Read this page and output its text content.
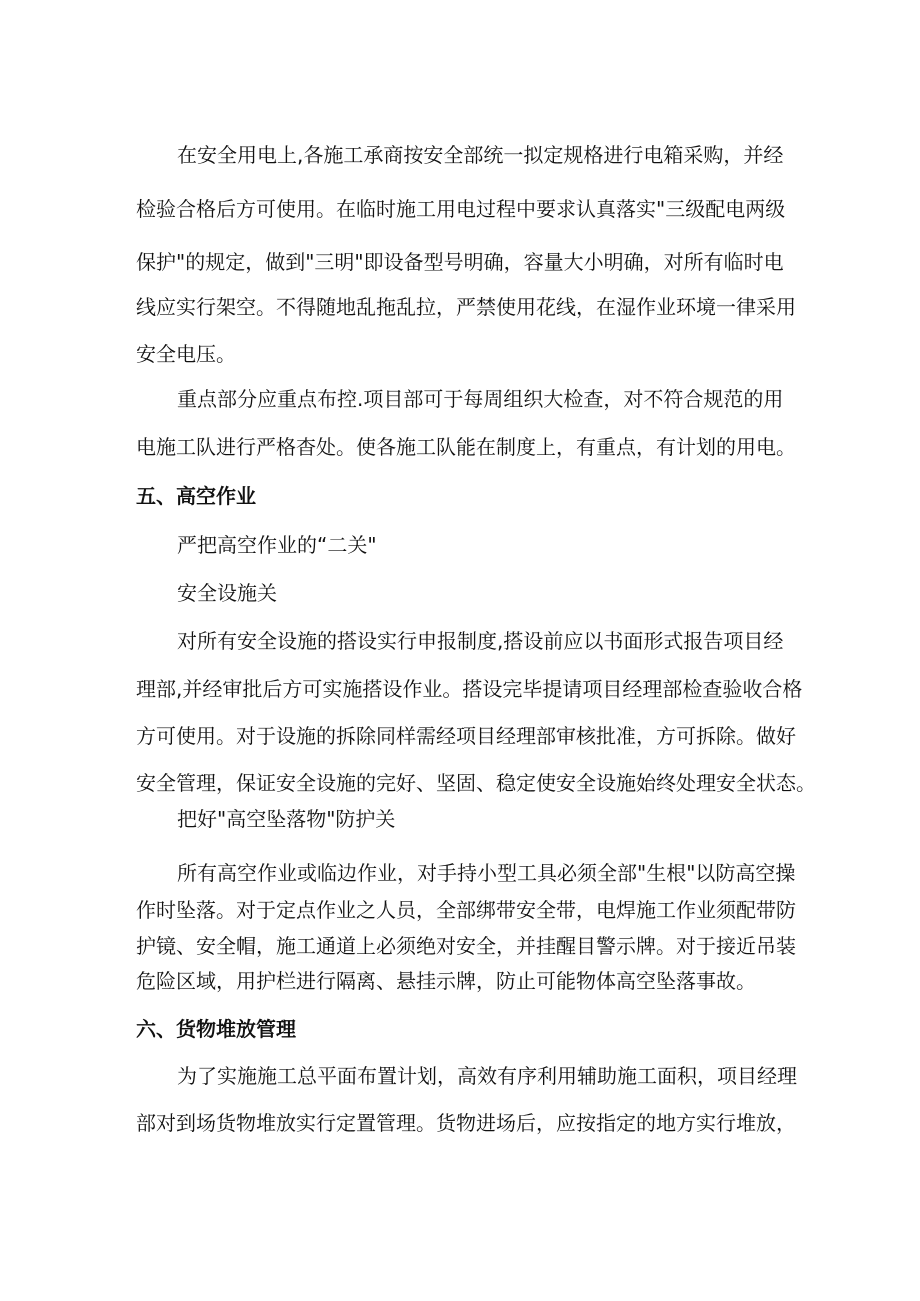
在安全用电上,各施工承商按安全部统一拟定规格进行电箱采购，并经
检验合格后方可使用。在临时施工用电过程中要求认真落实"三级配电两级
保护"的规定，做到"三明"即设备型号明确，容量大小明确，对所有临时电
线应实行架空。不得随地乱拖乱拉，严禁使用花线，在湿作业环境一律采用
安全电压。
重点部分应重点布控.项目部可于每周组织大检查，对不符合规范的用
电施工队进行严格杳处。使各施工队能在制度上，有重点，有计划的用电。
五、高空作业
严把高空作业的“二关"
安全设施关
对所有安全设施的搭设实行申报制度,搭设前应以书面形式报告项目经
理部,并经审批后方可实施搭设作业。搭设完毕提请项目经理部检查验收合格
方可使用。对于设施的拆除同样需经项目经理部审核批准，方可拆除。做好
安全管理，保证安全设施的完好、坚固、稳定使安全设施始终处理安全状态。
把好"高空坠落物"防护关
所有高空作业或临边作业，对手持小型工具必须全部"生根"以防高空操
作时坠落。对于定点作业之人员，全部绑带安全带，电焊施工作业须配带防
护镜、安全帽，施工通道上必须绝对安全，并挂醒目警示牌。对于接近吊装
危险区域，用护栏进行隔离、悬挂示牌，防止可能物体高空坠落事故。
六、货物堆放管理
为了实施施工总平面布置计划，高效有序利用辅助施工面积，项目经理
部对到场货物堆放实行定置管理。货物进场后，应按指定的地方实行堆放，
